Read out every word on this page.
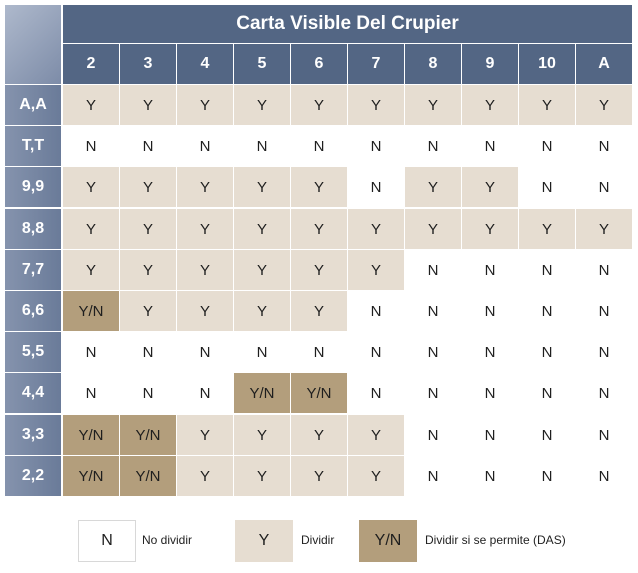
Carta Visible Del Crupier
2	3	4	5	6	7	8	9	10	A
A,A	Y	Y	Y	Y	Y	Y	Y	Y	Y	Y
T,T	N	N	N	N	N	N	N	N	N	N
9,9	Y	Y	Y	Y	Y	N	Y	Y	N	N
8,8	Y	Y	Y	Y	Y	Y	Y	Y	Y	Y
7,7	Y	Y	Y	Y	Y	Y	N	N	N	N
6,6	Y/N	Y	Y	Y	Y	N	N	N	N	N
5,5	N	N	N	N	N	N	N	N	N	N
4,4	N	N	N	Y/N	Y/N	N	N	N	N	N
3,3	Y/N	Y/N	Y	Y	Y	Y	N	N	N	N
2,2	Y/N	Y/N	Y	Y	Y	Y	N	N	N	N
N	No dividir	Y	Dividir	Y/N	Dividir si se permite (DAS)
